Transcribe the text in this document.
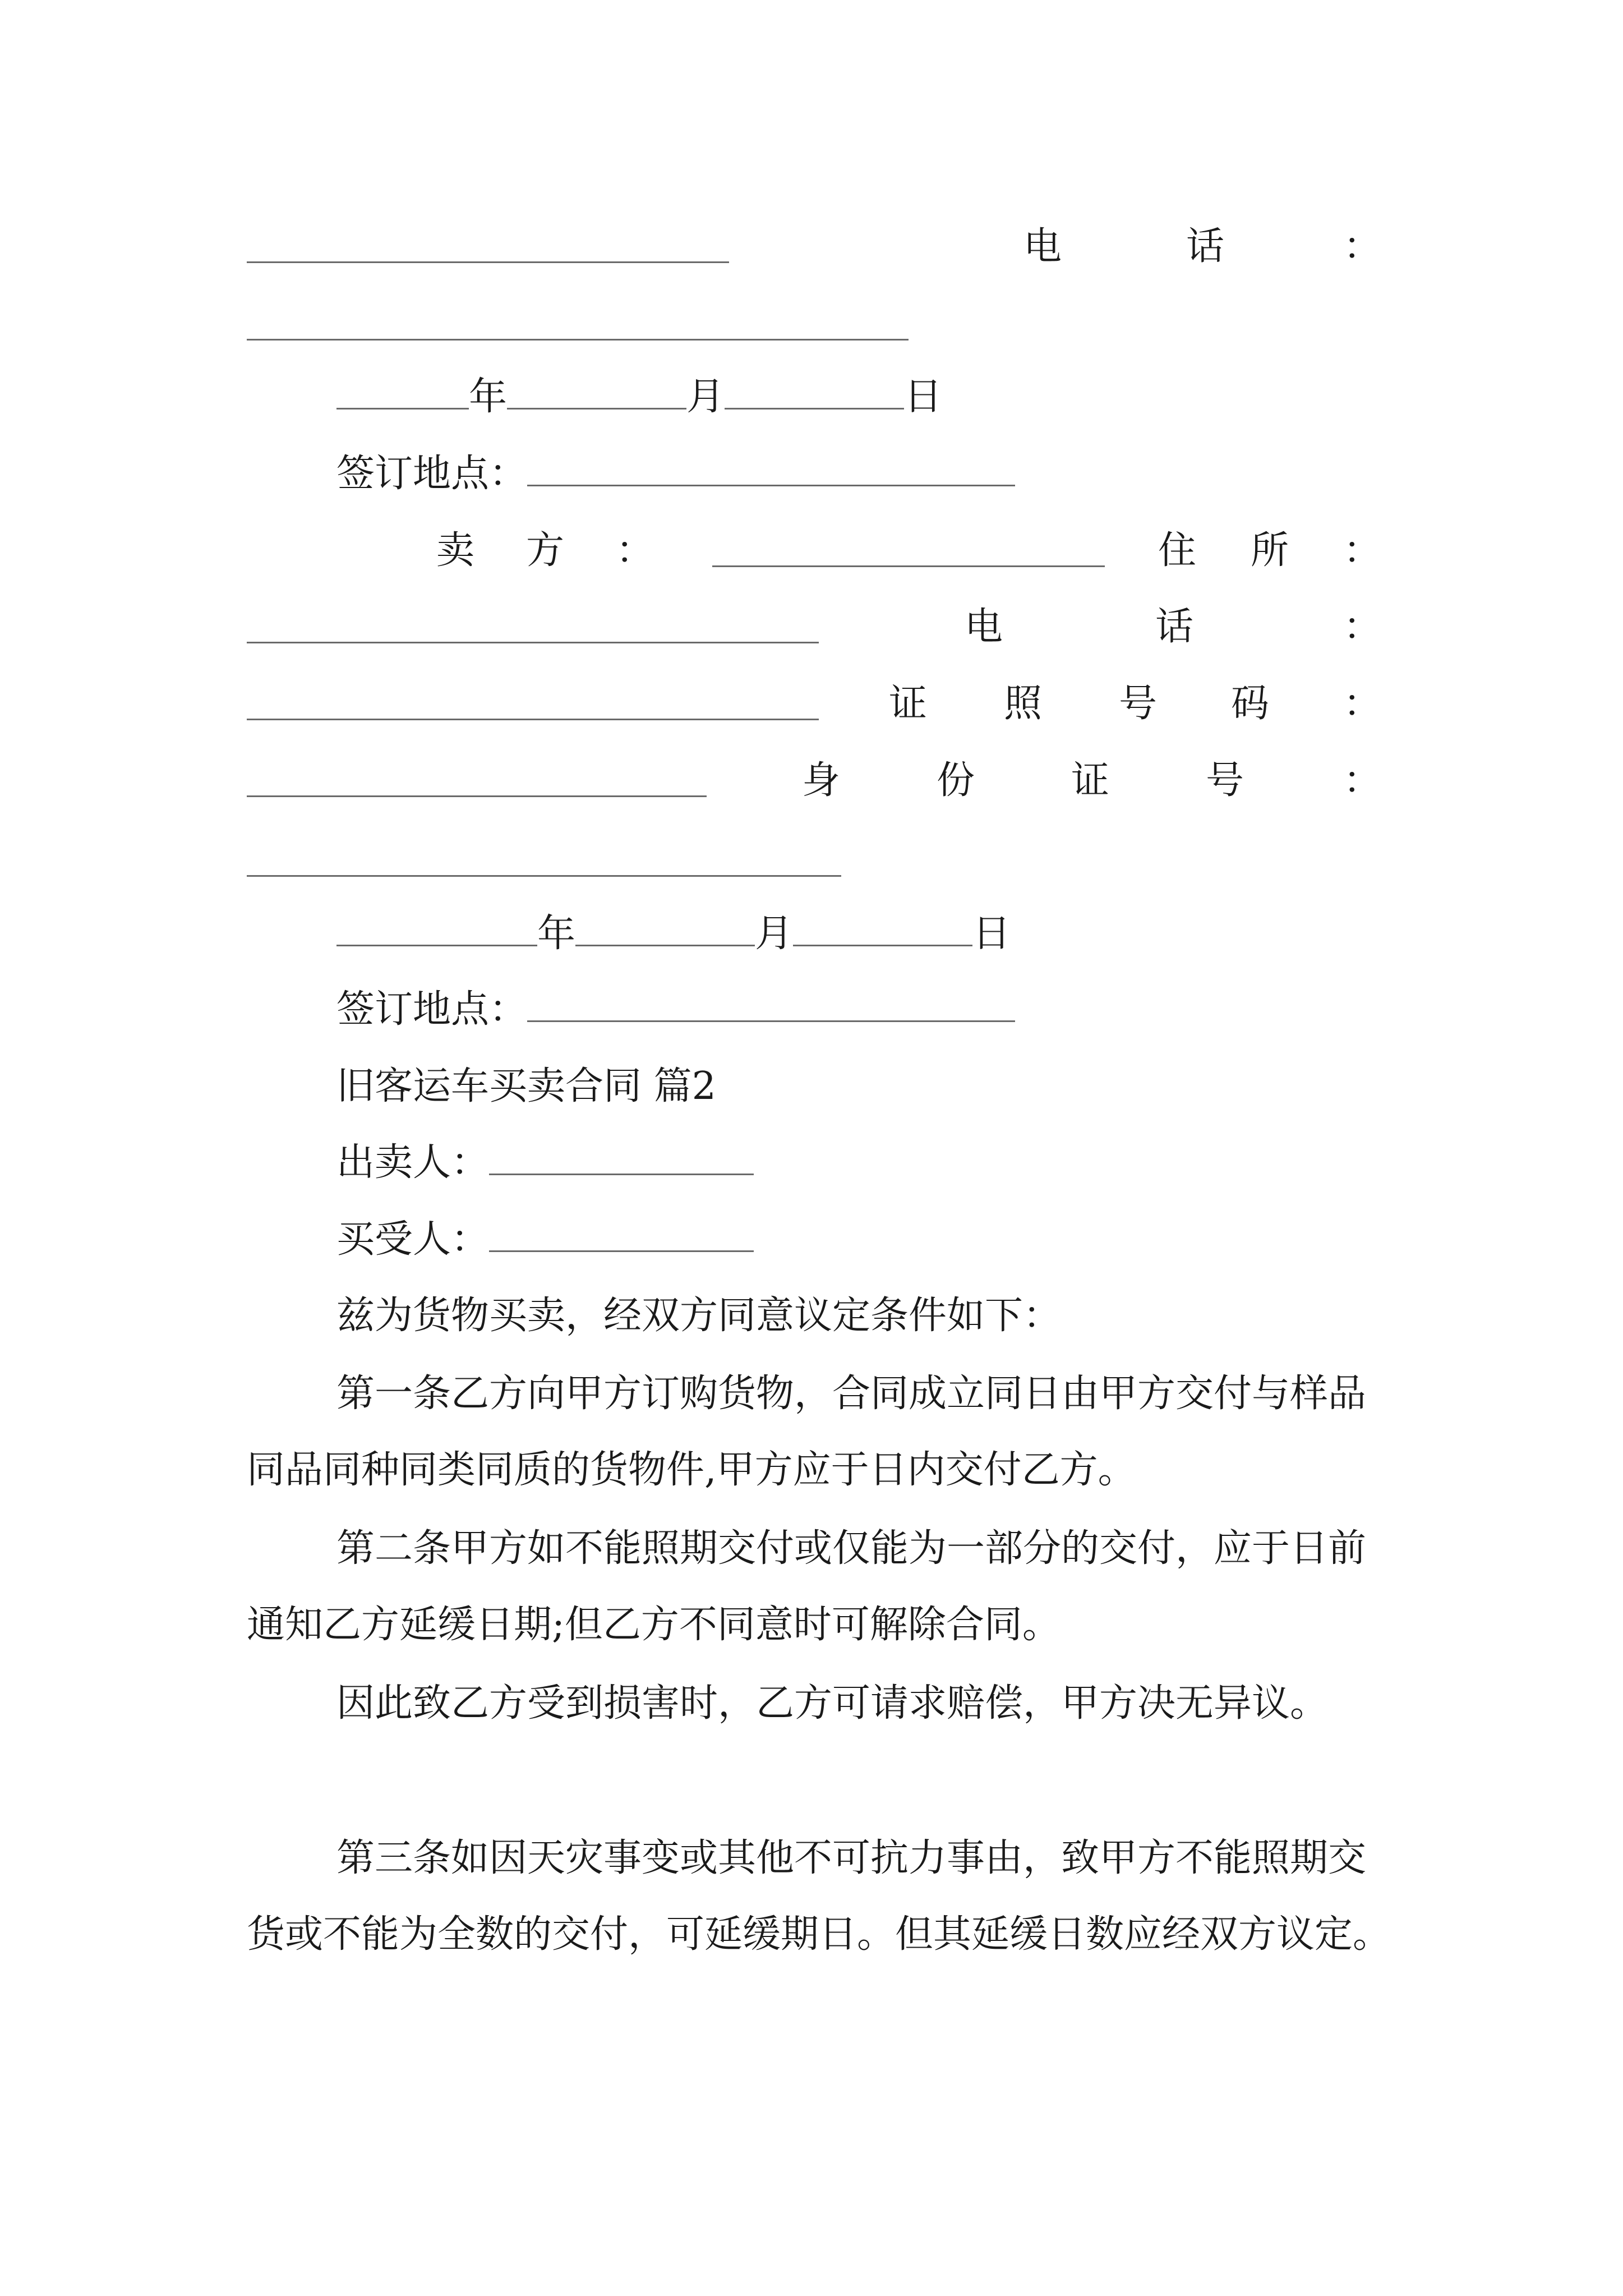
电	话	：
年	月	日
签订地点：
卖 方 ：	住 所 ：
电	话	：
证 照 号 码 ：
身	份	证	号	：
年	月	日
签订地点：
旧客运车买卖合同 篇2
出卖人：
买受人：
兹为货物买卖，经双方同意议定条件如下：
第一条乙方向甲方订购货物，合同成立同日由甲方交付与样品同品同种同类同质的货物件,甲方应于日内交付乙方。
第二条甲方如不能照期交付或仅能为一部分的交付，应于日前通知乙方延缓日期;但乙方不同意时可解除合同。
因此致乙方受到损害时，乙方可请求赔偿，甲方决无异议。
第三条如因天灾事变或其他不可抗力事由，致甲方不能照期交货或不能为全数的交付，可延缓期日。但其延缓日数应经双方议定。
